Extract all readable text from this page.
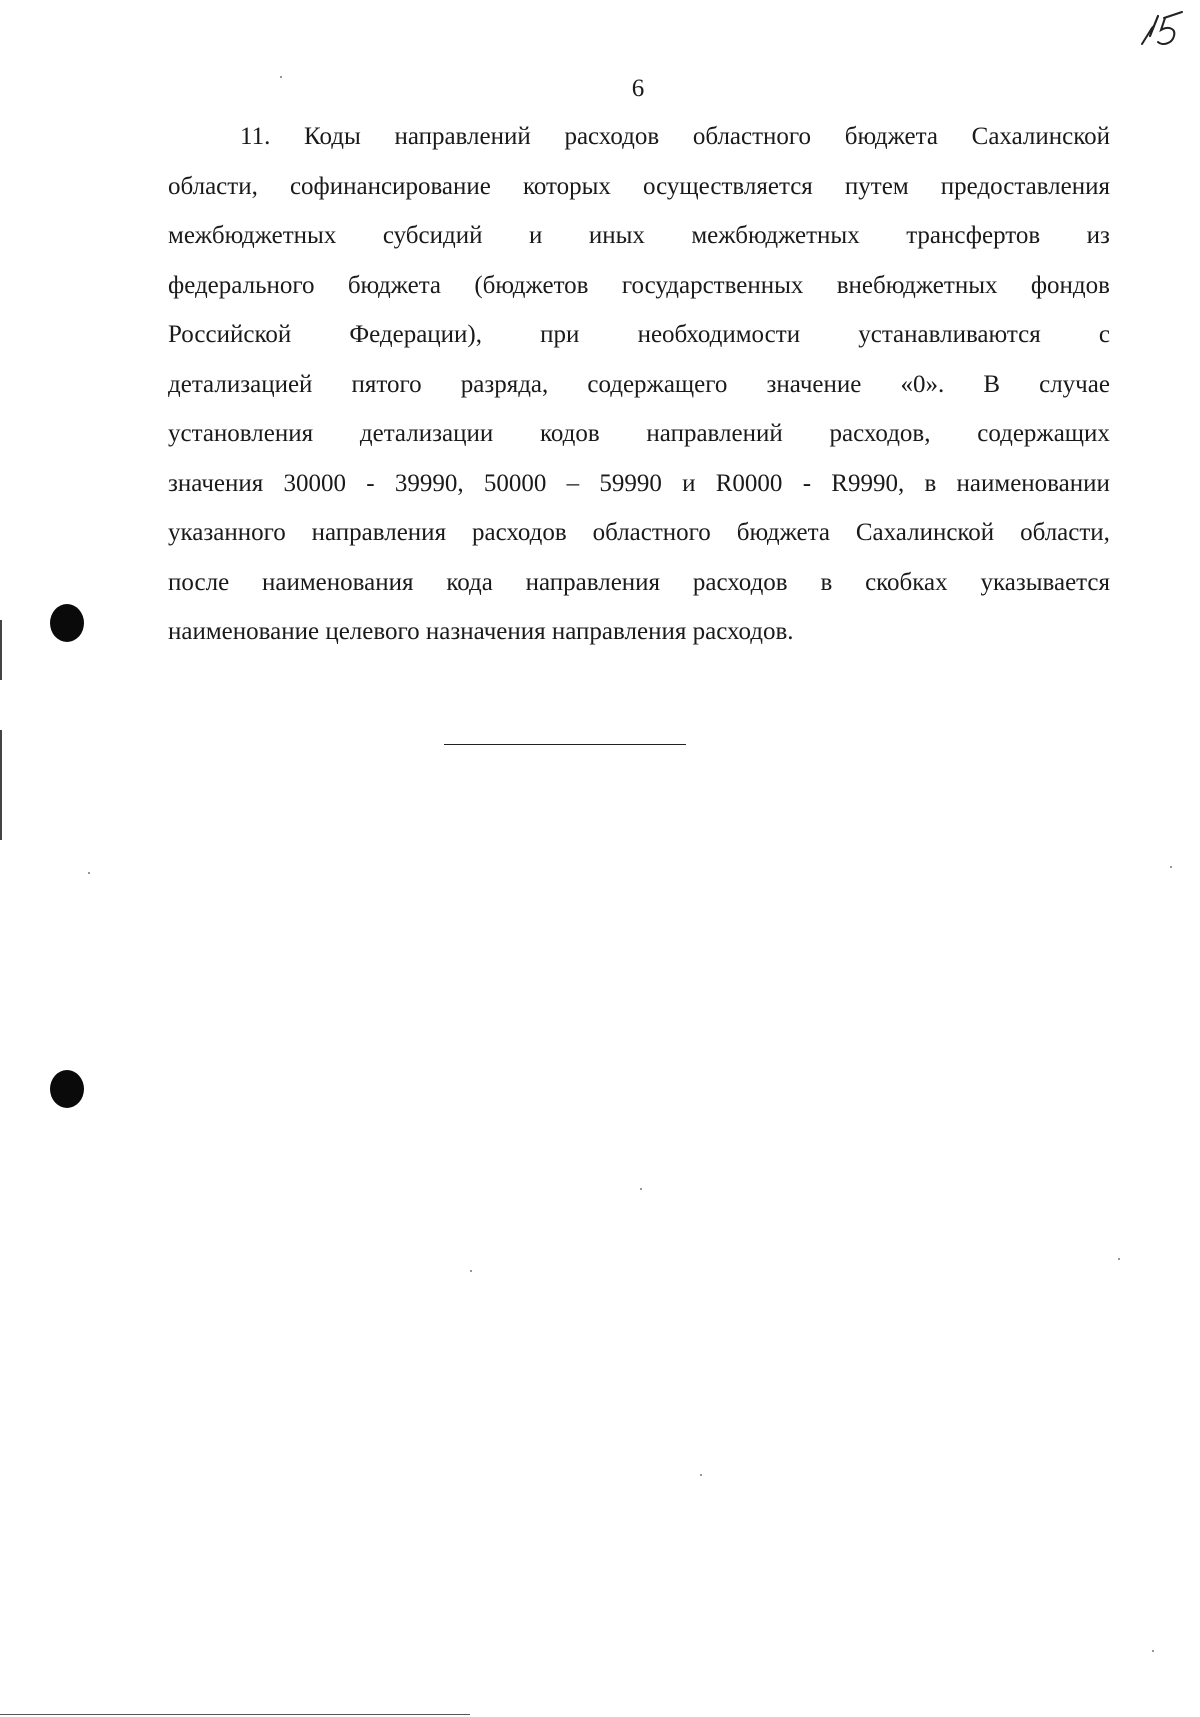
6
11. Коды направлений расходов областного бюджета Сахалинской
области, софинансирование которых осуществляется путем предоставления
межбюджетных субсидий и иных межбюджетных трансфертов из
федерального бюджета (бюджетов государственных внебюджетных фондов
Российской Федерации), при необходимости устанавливаются с
детализацией пятого разряда, содержащего значение «0». В случае
установления детализации кодов направлений расходов, содержащих
значения 30000 - 39990, 50000 – 59990 и R0000 - R9990, в наименовании
указанного направления расходов областного бюджета Сахалинской области,
после наименования кода направления расходов в скобках указывается
наименование целевого назначения направления расходов.
